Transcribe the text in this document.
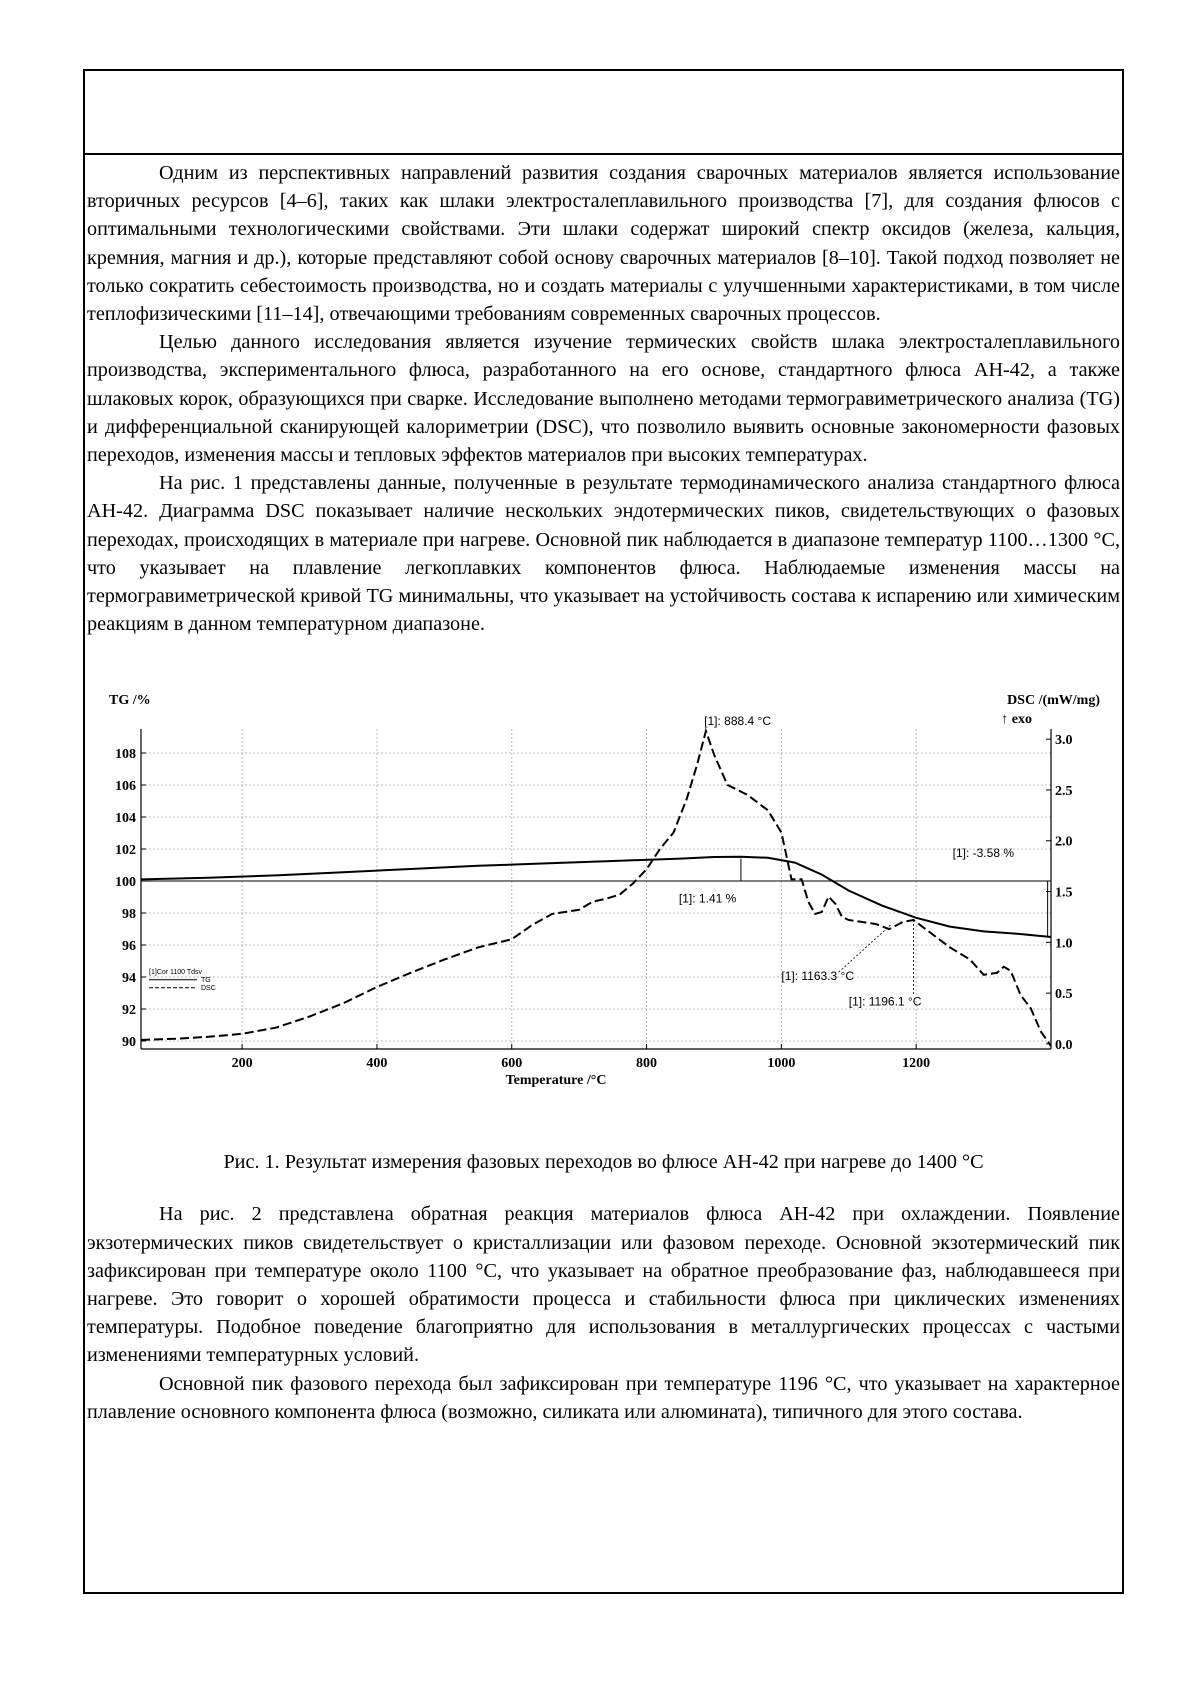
Одним из перспективных направлений развития создания сварочных материалов является использование вторичных ресурсов [4–6], таких как шлаки электросталеплавильного производства [7], для создания флюсов с оптимальными технологическими свойствами. Эти шлаки содержат широкий спектр оксидов (железа, кальция, кремния, магния и др.), которые представляют собой основу сварочных материалов [8–10]. Такой подход позволяет не только сократить себестоимость производства, но и создать материалы с улучшенными характеристиками, в том числе теплофизическими [11–14], отвечающими требованиям современных сварочных процессов.

Целью данного исследования является изучение термических свойств шлака электросталеплавильного производства, экспериментального флюса, разработанного на его основе, стандартного флюса АН-42, а также шлаковых корок, образующихся при сварке. Исследование выполнено методами термогравиметрического анализа (TG) и дифференциальной сканирующей калориметрии (DSC), что позволило выявить основные закономерности фазовых переходов, изменения массы и тепловых эффектов материалов при высоких температурах.

На рис. 1 представлены данные, полученные в результате термодинамического анализа стандартного флюса АН-42. Диаграмма DSC показывает наличие нескольких эндотермических пиков, свидетельствующих о фазовых переходах, происходящих в материале при нагреве. Основной пик наблюдается в диапазоне температур 1100…1300 °С, что указывает на плавление легкоплавких компонентов флюса. Наблюдаемые изменения массы на термогравиметрической кривой TG минимальны, что указывает на устойчивость состава к испарению или химическим реакциям в данном температурном диапазоне.

200	400	600	800	1000	1200
90
92
94
96
98
100
102
104
106
108
0.0
0.5
1.0
1.5
2.0
2.5
3.0
TG /%	DSC /(mW/mg)
↑ exo
Temperature /°C
[1]: 888.4 °C
[1]: 1.41 %
[1]: -3.58 %
[1]: 1163.3 °C
[1]: 1196.1 °C
[1]Cor 1100 Tdsv
TG
DSC
Рис. 1. Результат измерения фазовых переходов во флюсе АН-42 при нагреве до 1400 °С

На рис. 2 представлена обратная реакция материалов флюса АН-42 при охлаждении. Появление экзотермических пиков свидетельствует о кристаллизации или фазовом переходе. Основной экзотермический пик зафиксирован при температуре около 1100 °С, что указывает на обратное преобразование фаз, наблюдавшееся при нагреве. Это говорит о хорошей обратимости процесса и стабильности флюса при циклических изменениях температуры. Подобное поведение благоприятно для использования в металлургических процессах с частыми изменениями температурных условий.

Основной пик фазового перехода был зафиксирован при температуре 1196 °С, что указывает на характерное плавление основного компонента флюса (возможно, силиката или алюмината), типичного для этого состава.
